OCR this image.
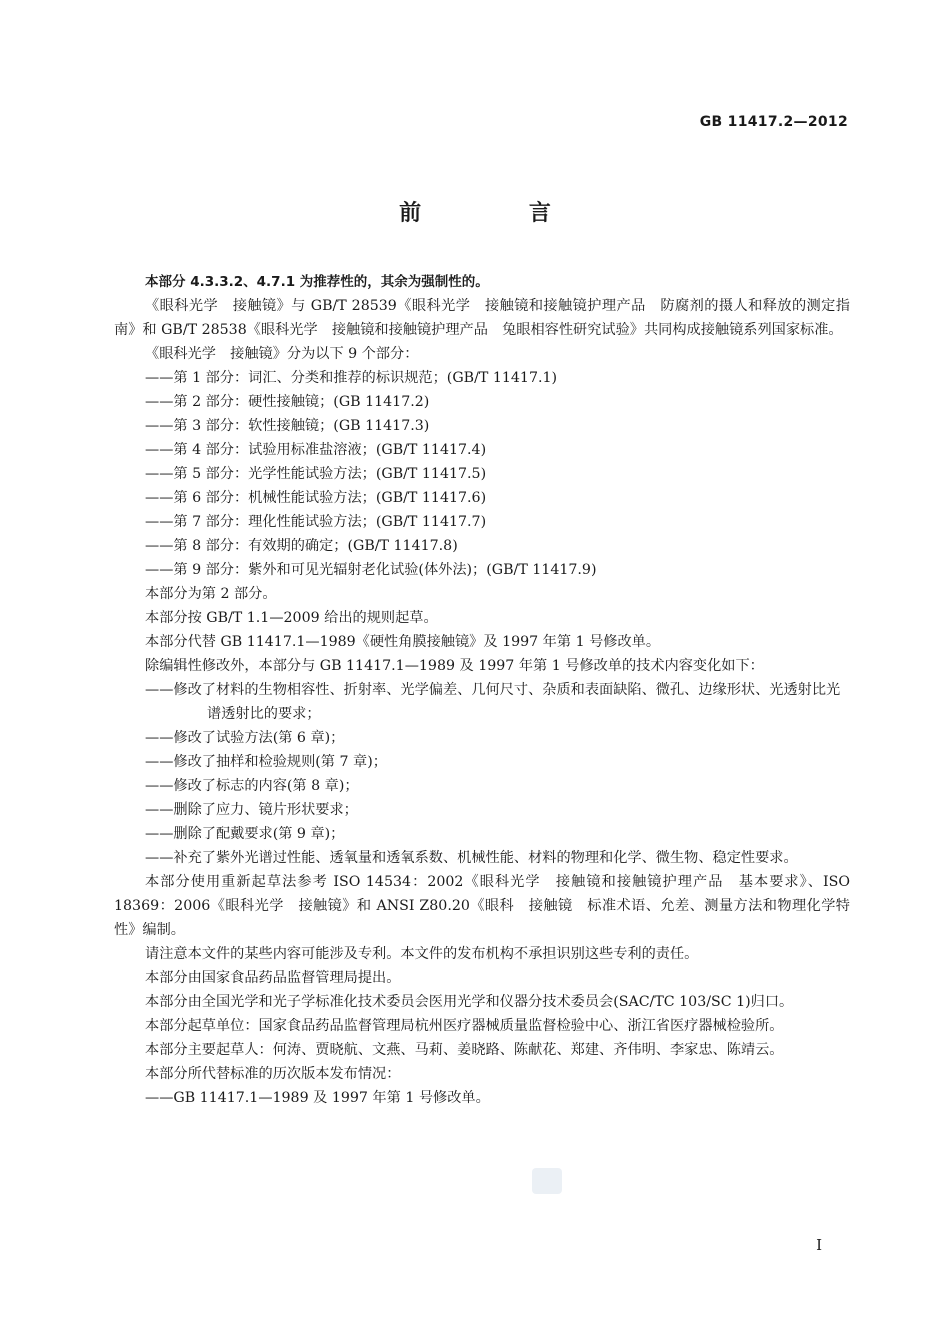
GB 11417.2—2012
前 言

本部分 4.3.3.2、4.7.1 为推荐性的，其余为强制性的。

《眼科光学　接触镜》与 GB/T 28539《眼科光学　接触镜和接触镜护理产品　防腐剂的摄人和释放的测定指南》和 GB/T 28538《眼科光学　接触镜和接触镜护理产品　兔眼相容性研究试验》共同构成接触镜系列国家标准。

《眼科光学　接触镜》分为以下 9 个部分：

——第 1 部分：词汇、分类和推荐的标识规范；(GB/T 11417.1)

——第 2 部分：硬性接触镜；(GB 11417.2)

——第 3 部分：软性接触镜；(GB 11417.3)

——第 4 部分：试验用标准盐溶液；(GB/T 11417.4)

——第 5 部分：光学性能试验方法；(GB/T 11417.5)

——第 6 部分：机械性能试验方法；(GB/T 11417.6)

——第 7 部分：理化性能试验方法；(GB/T 11417.7)

——第 8 部分：有效期的确定；(GB/T 11417.8)

——第 9 部分：紫外和可见光辐射老化试验(体外法)；(GB/T 11417.9)

本部分为第 2 部分。

本部分按 GB/T 1.1—2009 给出的规则起草。

本部分代替 GB 11417.1—1989《硬性角膜接触镜》及 1997 年第 1 号修改单。

除编辑性修改外，本部分与 GB 11417.1—1989 及 1997 年第 1 号修改单的技术内容变化如下：

——修改了材料的生物相容性、折射率、光学偏差、几何尺寸、杂质和表面缺陷、微孔、边缘形状、光透射比光谱透射比的要求；

——修改了试验方法(第 6 章)；

——修改了抽样和检验规则(第 7 章)；

——修改了标志的内容(第 8 章)；

——删除了应力、镜片形状要求；

——删除了配戴要求(第 9 章)；

——补充了紫外光谱过性能、透氧量和透氧系数、机械性能、材料的物理和化学、微生物、稳定性要求。

本部分使用重新起草法参考 ISO 14534：2002《眼科光学　接触镜和接触镜护理产品　基本要求》、ISO 18369：2006《眼科光学　接触镜》和 ANSI Z80.20《眼科　接触镜　标准术语、允差、测量方法和物理化学特性》编制。

请注意本文件的某些内容可能涉及专利。本文件的发布机构不承担识别这些专利的责任。

本部分由国家食品药品监督管理局提出。

本部分由全国光学和光子学标准化技术委员会医用光学和仪器分技术委员会(SAC/TC 103/SC 1)归口。

本部分起草单位：国家食品药品监督管理局杭州医疗器械质量监督检验中心、浙江省医疗器械检验所。

本部分主要起草人：何涛、贾晓航、文燕、马莉、姜晓路、陈献花、郑建、齐伟明、李家忠、陈靖云。

本部分所代替标准的历次版本发布情况：

——GB 11417.1—1989 及 1997 年第 1 号修改单。

I
